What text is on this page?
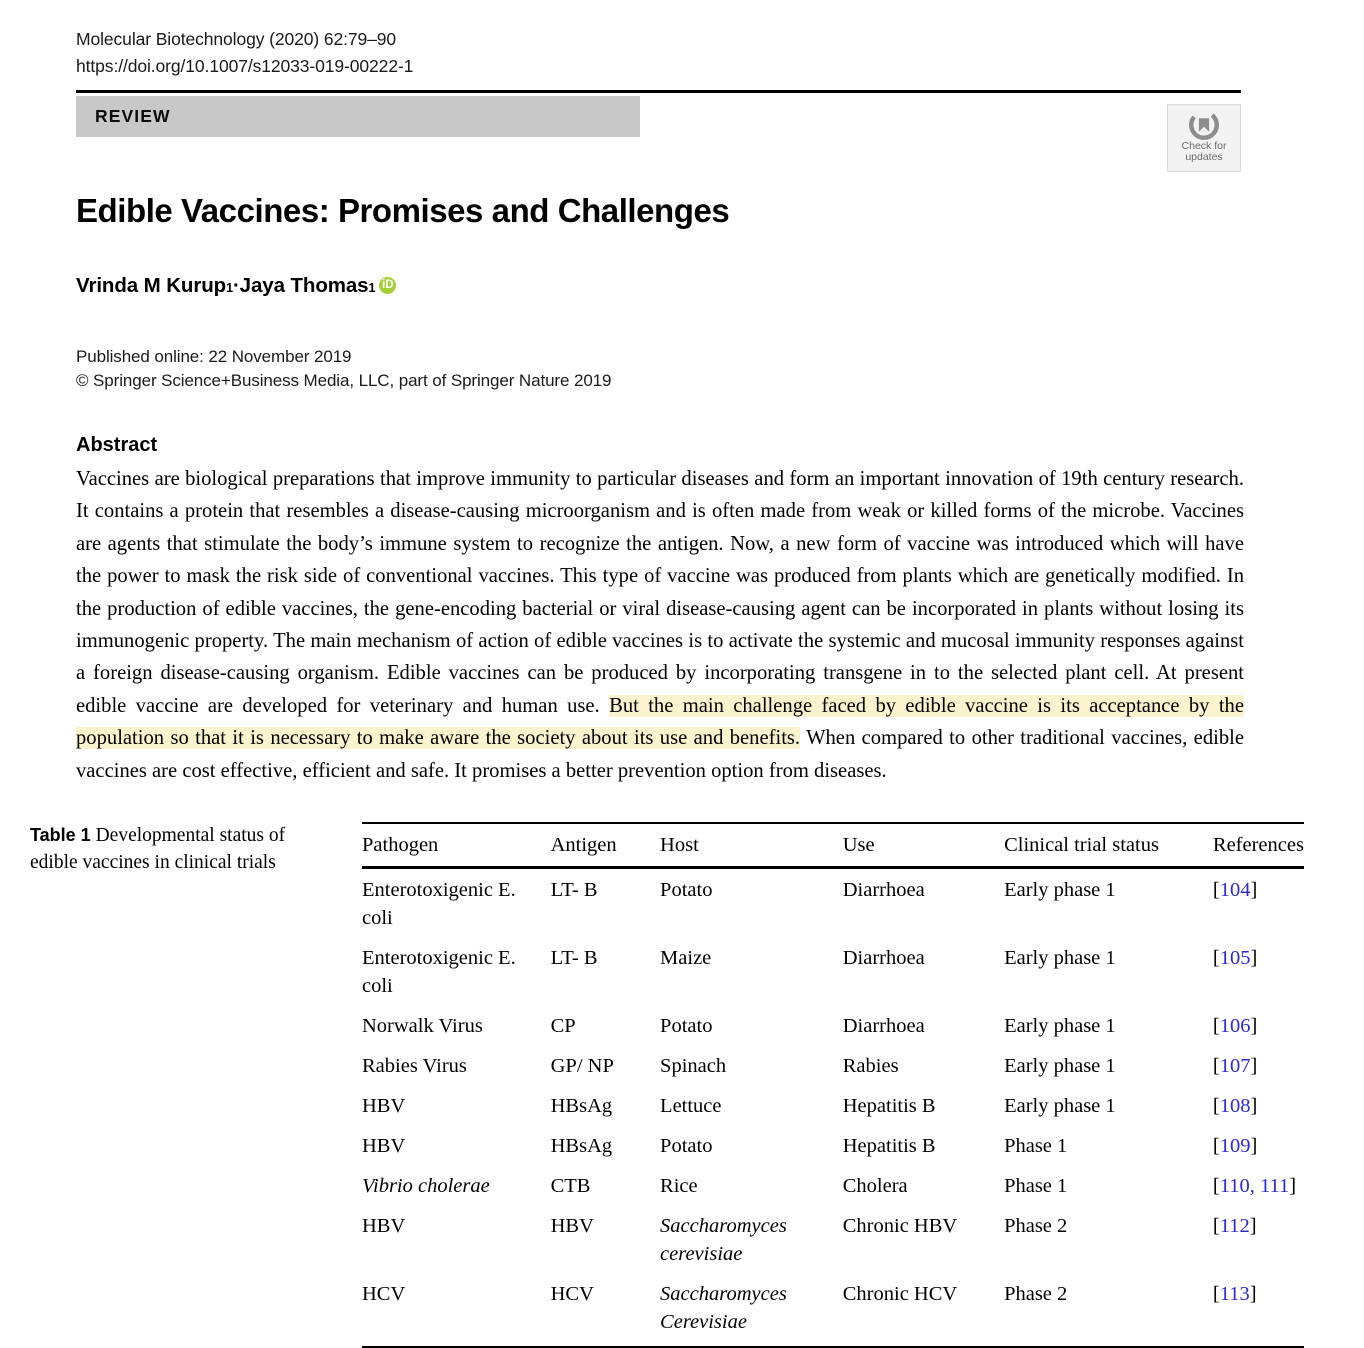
Molecular Biotechnology (2020) 62:79–90
https://doi.org/10.1007/s12033-019-00222-1
REVIEW
Check for
updates
Edible Vaccines: Promises and Challenges
Vrinda M Kurup 1 · Jaya Thomas 1 iD
Published online: 22 November 2019
© Springer Science+Business Media, LLC, part of Springer Nature 2019
Abstract
Vaccines are biological preparations that improve immunity to particular diseases and form an important innovation of 19th century research. It contains a protein that resembles a disease-causing microorganism and is often made from weak or killed forms of the microbe. Vaccines are agents that stimulate the body’s immune system to recognize the antigen. Now, a new form of vaccine was introduced which will have the power to mask the risk side of conventional vaccines. This type of vaccine was produced from plants which are genetically modified. In the production of edible vaccines, the gene-encoding bacterial or viral disease-causing agent can be incorporated in plants without losing its immunogenic property. The main mechanism of action of edible vaccines is to activate the systemic and mucosal immunity responses against a foreign disease-causing organism. Edible vaccines can be produced by incorporating transgene in to the selected plant cell. At present edible vaccine are developed for veterinary and human use. But the main challenge faced by edible vaccine is its acceptance by the population so that it is necessary to make aware the society about its use and benefits. When compared to other traditional vaccines, edible vaccines are cost effective, efficient and safe. It promises a better prevention option from diseases.
Table 1 Developmental status of edible vaccines in clinical trials
Pathogen	Antigen	Host	Use	Clinical trial status	References
Enterotoxigenic E. coli	LT- B	Potato	Diarrhoea	Early phase 1	[104]
Enterotoxigenic E. coli	LT- B	Maize	Diarrhoea	Early phase 1	[105]
Norwalk Virus	CP	Potato	Diarrhoea	Early phase 1	[106]
Rabies Virus	GP/ NP	Spinach	Rabies	Early phase 1	[107]
HBV	HBsAg	Lettuce	Hepatitis B	Early phase 1	[108]
HBV	HBsAg	Potato	Hepatitis B	Phase 1	[109]
Vibrio cholerae	CTB	Rice	Cholera	Phase 1	[110, 111]
HBV	HBV	Saccharomyces cerevisiae	Chronic HBV	Phase 2	[112]
HCV	HCV	Saccharomyces Cerevisiae	Chronic HCV	Phase 2	[113]
